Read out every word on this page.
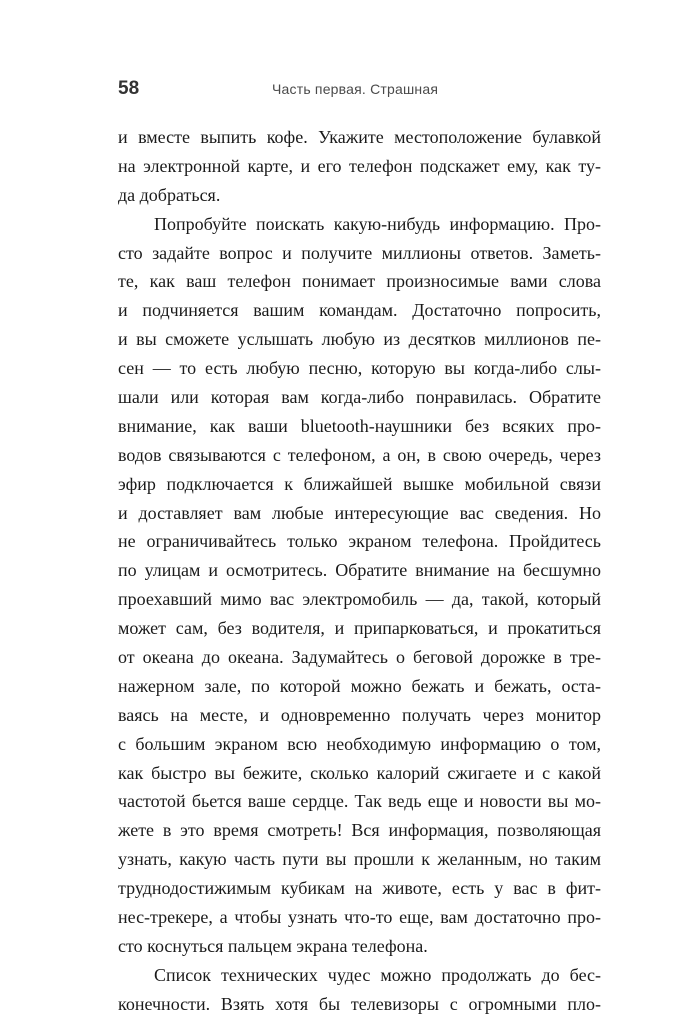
58	Часть первая. Страшная
и вместе выпить кофе. Укажите местоположение булавкой
на электронной карте, и его телефон подскажет ему, как ту-
да добраться.
Попробуйте поискать какую-нибудь информацию. Про-
сто задайте вопрос и получите миллионы ответов. Заметь-
те, как ваш телефон понимает произносимые вами слова
и подчиняется вашим командам. Достаточно попросить,
и вы сможете услышать любую из десятков миллионов пе-
сен — то есть любую песню, которую вы когда-либо слы-
шали или которая вам когда-либо понравилась. Обратите
внимание, как ваши bluetooth-наушники без всяких про-
водов связываются с телефоном, а он, в свою очередь, через
эфир подключается к ближайшей вышке мобильной связи
и доставляет вам любые интересующие вас сведения. Но
не ограничивайтесь только экраном телефона. Пройдитесь
по улицам и осмотритесь. Обратите внимание на бесшумно
проехавший мимо вас электромобиль — да, такой, который
может сам, без водителя, и припарковаться, и прокатиться
от океана до океана. Задумайтесь о беговой дорожке в тре-
нажерном зале, по которой можно бежать и бежать, оста-
ваясь на месте, и одновременно получать через монитор
с большим экраном всю необходимую информацию о том,
как быстро вы бежите, сколько калорий сжигаете и с какой
частотой бьется ваше сердце. Так ведь еще и новости вы мо-
жете в это время смотреть! Вся информация, позволяющая
узнать, какую часть пути вы прошли к желанным, но таким
труднодостижимым кубикам на животе, есть у вас в фит-
нес-трекере, а чтобы узнать что-то еще, вам достаточно про-
сто коснуться пальцем экрана телефона.
Список технических чудес можно продолжать до бес-
конечности. Взять хотя бы телевизоры с огромными пло-
